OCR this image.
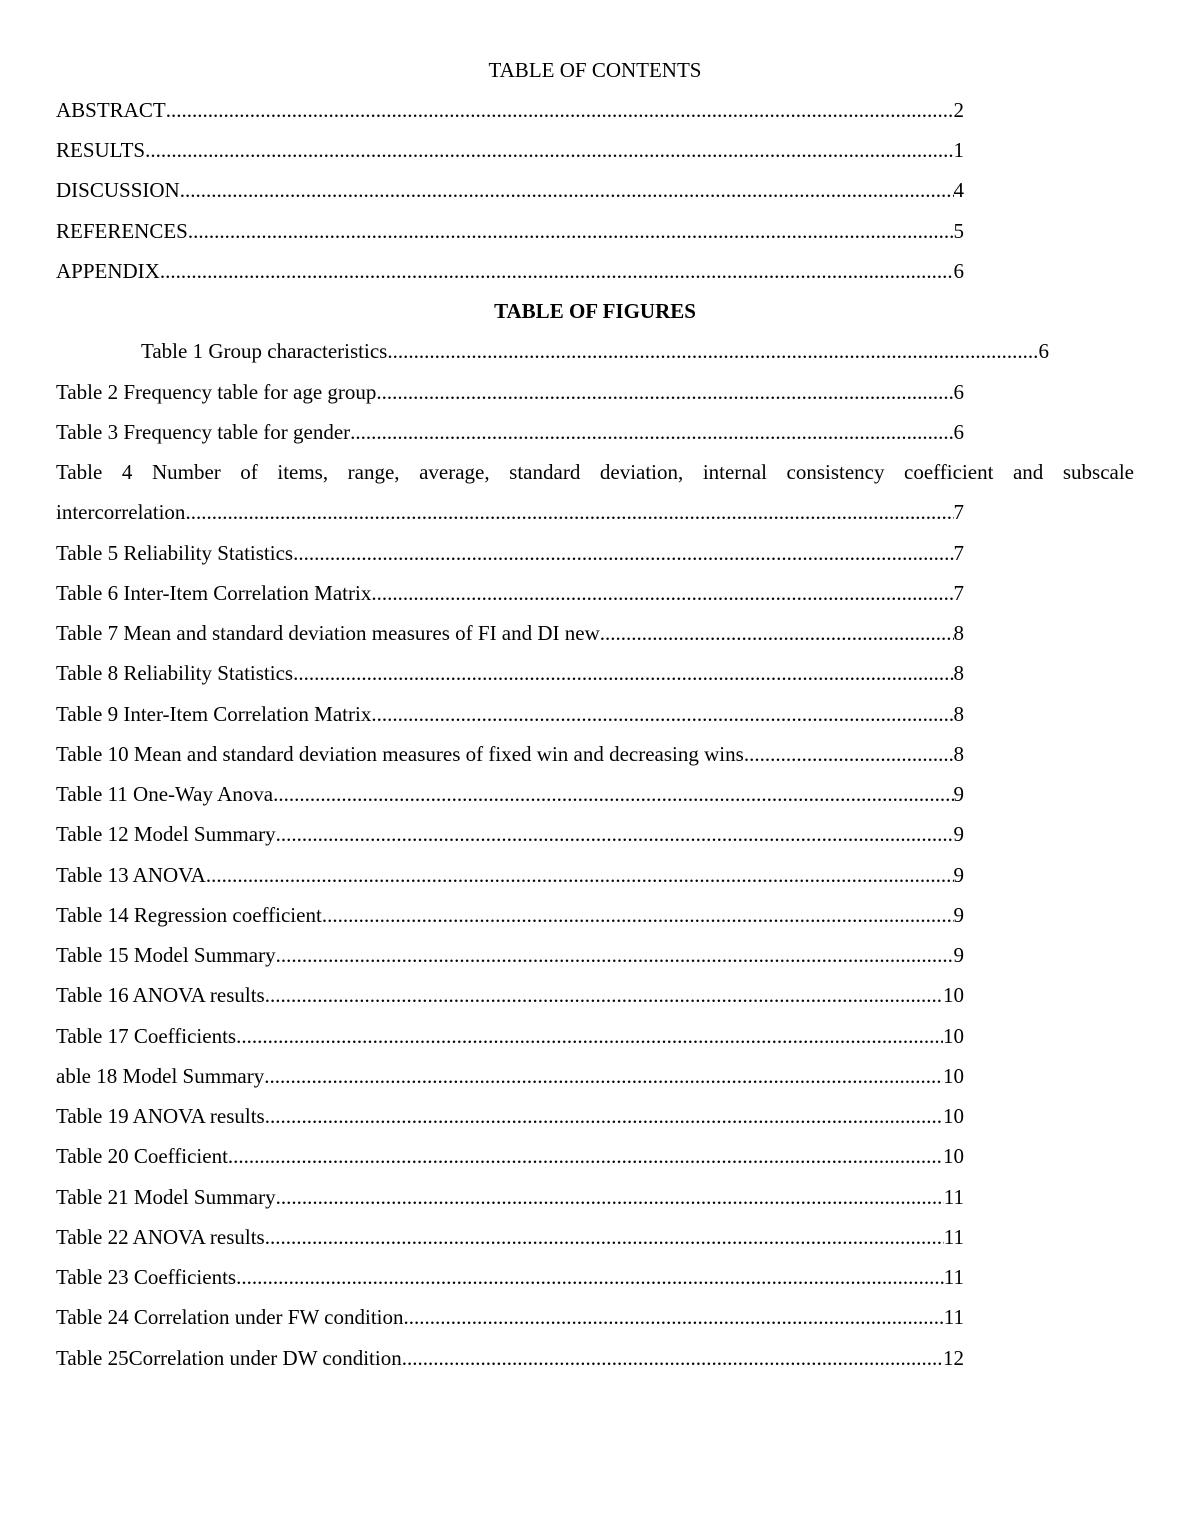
TABLE OF CONTENTS
ABSTRACT .....	2
RESULTS .....	1
DISCUSSION .....	4
REFERENCES .....	5
APPENDIX .....	6
TABLE OF FIGURES
Table 1 Group characteristics .....	6
Table 2 Frequency table for age group .....	6
Table 3 Frequency table for gender .....	6
Table 4 Number of items, range, average, standard deviation, internal consistency coefficient and subscale
intercorrelation .....	7
Table 5 Reliability Statistics .....	7
Table 6 Inter-Item Correlation Matrix .....	7
Table 7 Mean and standard deviation measures of FI and DI new .....	8
Table 8 Reliability Statistics .....	8
Table 9 Inter-Item Correlation Matrix .....	8
Table 10 Mean and standard deviation measures of fixed win and decreasing wins .....	8
Table 11 One-Way Anova .....	9
Table 12 Model Summary .....	9
Table 13 ANOVA .....	9
Table 14 Regression coefficient .....	9
Table 15 Model Summary .....	9
Table 16 ANOVA results .....	10
Table 17 Coefficients .....	10
able 18 Model Summary .....	10
Table 19 ANOVA results .....	10
Table 20 Coefficient .....	10
Table 21 Model Summary .....	11
Table 22 ANOVA results .....	11
Table 23 Coefficients .....	11
Table 24 Correlation under FW condition .....	11
Table 25Correlation under DW condition .....	12
